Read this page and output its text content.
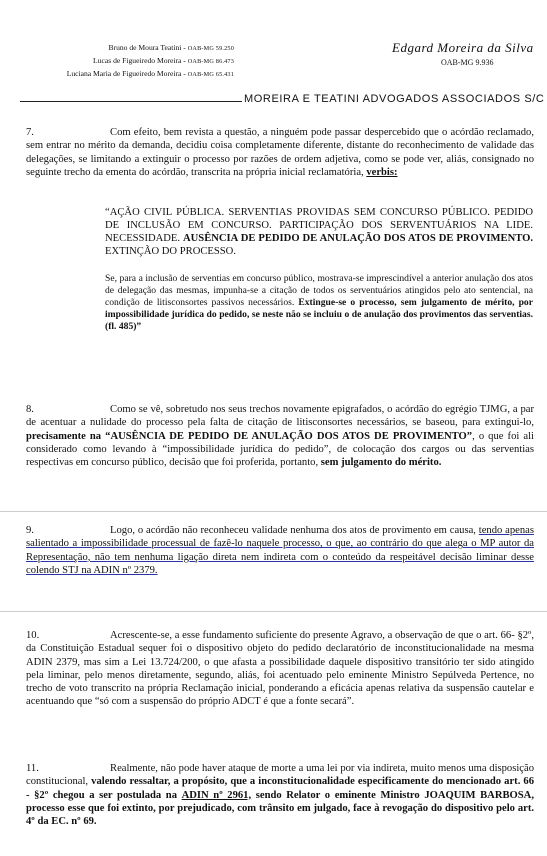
Bruno de Moura Teatini - OAB-MG 59.250
Lucas de Figueiredo Moreira - OAB-MG 86.473
Luciana Maria de Figueiredo Moreira - OAB-MG 65.431
Edgard Moreira da Silva
OAB-MG 9.936
MOREIRA E TEATINI ADVOGADOS ASSOCIADOS S/C
7.	Com efeito, bem revista a questão, a ninguém pode passar despercebido que o acórdão reclamado, sem entrar no mérito da demanda, decidiu coisa completamente diferente, distante do reconhecimento de validade das delegações, se limitando a extinguir o processo por razões de ordem adjetiva, como se pode ver, aliás, consignado no seguinte trecho da ementa do acórdão, transcrita na própria inicial reclamatória, verbis:
“AÇÃO CIVIL PÚBLICA. SERVENTIAS PROVIDAS SEM CONCURSO PÚBLICO. PEDIDO DE INCLUSÃO EM CONCURSO. PARTICIPAÇÃO DOS SERVENTUÁRIOS NA LIDE. NECESSIDADE. AUSÊNCIA DE PEDIDO DE ANULAÇÃO DOS ATOS DE PROVIMENTO. EXTINÇÃO DO PROCESSO.
Se, para a inclusão de serventias em concurso público, mostrava-se imprescindível a anterior anulação dos atos de delegação das mesmas, impunha-se a citação de todos os serventuários atingidos pelo ato sentencial, na condição de litisconsortes passivos necessários. Extingue-se o processo, sem julgamento de mérito, por impossibilidade jurídica do pedido, se neste não se incluiu o de anulação dos provimentos das serventias. (fl. 485)”
8.	Como se vê, sobretudo nos seus trechos novamente epigrafados, o acórdão do egrégio TJMG, a par de acentuar a nulidade do processo pela falta de citação de litisconsortes necessários, se baseou, para extingui-lo, precisamente na “AUSÊNCIA DE PEDIDO DE ANULAÇÃO DOS ATOS DE PROVIMENTO”, o que foi ali considerado como levando à “impossibilidade jurídica do pedido”, de colocação dos cargos ou das serventias respectivas em concurso público, decisão que foi proferida, portanto, sem julgamento do mérito.
9.	Logo, o acórdão não reconheceu validade nenhuma dos atos de provimento em causa, tendo apenas salientado a impossibilidade processual de fazê-lo naquele processo, o que, ao contrário do que alega o MP autor da Representação, não tem nenhuma ligação direta nem indireta com o conteúdo da respeitável decisão liminar desse colendo STJ na ADIN nº 2379.
10.	Acrescente-se, a esse fundamento suficiente do presente Agravo, a observação de que o art. 66- §2º, da Constituição Estadual sequer foi o dispositivo objeto do pedido declaratório de inconstitucionalidade na mesma ADIN 2379, mas sim a Lei 13.724/200, o que afasta a possibilidade daquele dispositivo transitório ter sido atingido pela liminar, pelo menos diretamente, segundo, aliás, foi acentuado pelo eminente Ministro Sepúlveda Pertence, no trecho de voto transcrito na própria Reclamação inicial, ponderando a eficácia apenas relativa da suspensão cautelar e acentuando que “só com a suspensão do próprio ADCT é que a fonte secará”.
11.	Realmente, não pode haver ataque de morte a uma lei por via indireta, muito menos uma disposição constitucional, valendo ressaltar, a propósito, que a inconstitucionalidade especificamente do mencionado art. 66 - §2º chegou a ser postulada na ADIN nº 2961, sendo Relator o eminente Ministro JOAQUIM BARBOSA, processo esse que foi extinto, por prejudicado, com trânsito em julgado, face à revogação do dispositivo pelo art. 4º da EC. nº 69.
